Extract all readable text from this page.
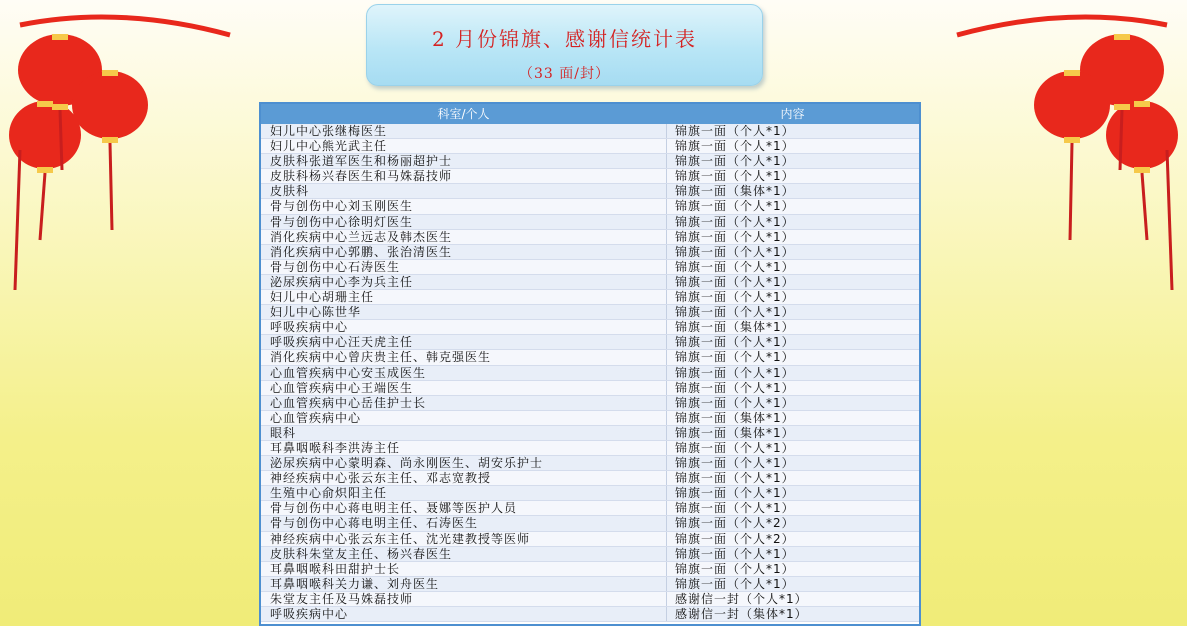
2 月份锦旗、感谢信统计表
（33 面/封）
科室/个人	内容
妇儿中心张继梅医生	锦旗一面（个人*1）
妇儿中心熊光武主任	锦旗一面（个人*1）
皮肤科张道军医生和杨丽超护士	锦旗一面（个人*1）
皮肤科杨兴春医生和马姝磊技师	锦旗一面（个人*1）
皮肤科	锦旗一面（集体*1）
骨与创伤中心刘玉刚医生	锦旗一面（个人*1）
骨与创伤中心徐明灯医生	锦旗一面（个人*1）
消化疾病中心兰远志及韩杰医生	锦旗一面（个人*1）
消化疾病中心郭鹏、张治清医生	锦旗一面（个人*1）
骨与创伤中心石涛医生	锦旗一面（个人*1）
泌尿疾病中心李为兵主任	锦旗一面（个人*1）
妇儿中心胡珊主任	锦旗一面（个人*1）
妇儿中心陈世华	锦旗一面（个人*1）
呼吸疾病中心	锦旗一面（集体*1）
呼吸疾病中心汪天虎主任	锦旗一面（个人*1）
消化疾病中心曾庆贵主任、韩克强医生	锦旗一面（个人*1）
心血管疾病中心安玉成医生	锦旗一面（个人*1）
心血管疾病中心王端医生	锦旗一面（个人*1）
心血管疾病中心岳佳护士长	锦旗一面（个人*1）
心血管疾病中心	锦旗一面（集体*1）
眼科	锦旗一面（集体*1）
耳鼻咽喉科李洪涛主任	锦旗一面（个人*1）
泌尿疾病中心蒙明森、尚永刚医生、胡安乐护士	锦旗一面（个人*1）
神经疾病中心张云东主任、邓志宽教授	锦旗一面（个人*1）
生殖中心俞炽阳主任	锦旗一面（个人*1）
骨与创伤中心蒋电明主任、聂娜等医护人员	锦旗一面（个人*1）
骨与创伤中心蒋电明主任、石涛医生	锦旗一面（个人*2）
神经疾病中心张云东主任、沈光建教授等医师	锦旗一面（个人*2）
皮肤科朱堂友主任、杨兴春医生	锦旗一面（个人*1）
耳鼻咽喉科田甜护士长	锦旗一面（个人*1）
耳鼻咽喉科关力谦、刘舟医生	锦旗一面（个人*1）
朱堂友主任及马姝磊技师	感谢信一封（个人*1）
呼吸疾病中心	感谢信一封（集体*1）
